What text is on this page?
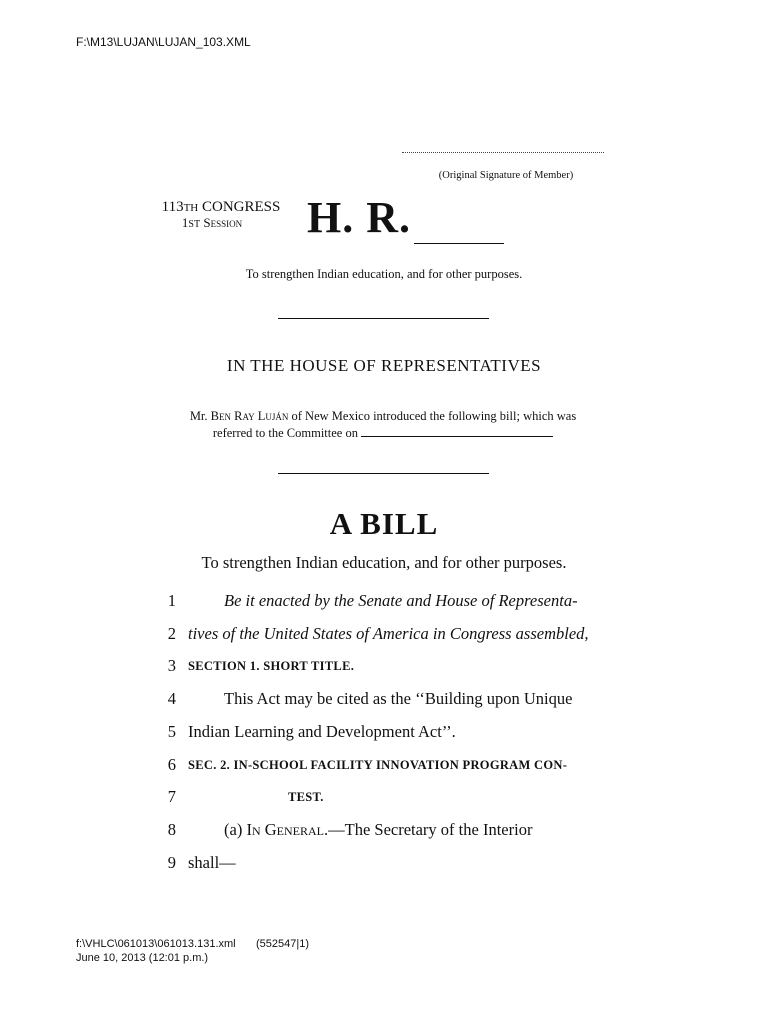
F:\M13\LUJAN\LUJAN_103.XML
(Original Signature of Member)
113TH CONGRESS
1ST Session	H. R.
To strengthen Indian education, and for other purposes.
IN THE HOUSE OF REPRESENTATIVES
Mr. Ben Ray Luján of New Mexico introduced the following bill; which was
referred to the Committee on
A BILL
To strengthen Indian education, and for other purposes.
1	Be it enacted by the Senate and House of Representa-
2 tives of the United States of America in Congress assembled,
3 SECTION 1. SHORT TITLE.
4	This Act may be cited as the ‘‘Building upon Unique
5 Indian Learning and Development Act’’.
6 SEC. 2. IN-SCHOOL FACILITY INNOVATION PROGRAM CON-
7	TEST.
8	(a) In General.—The Secretary of the Interior
9 shall—
f:\VHLC\061013\061013.131.xml (552547|1)
June 10, 2013 (12:01 p.m.)
